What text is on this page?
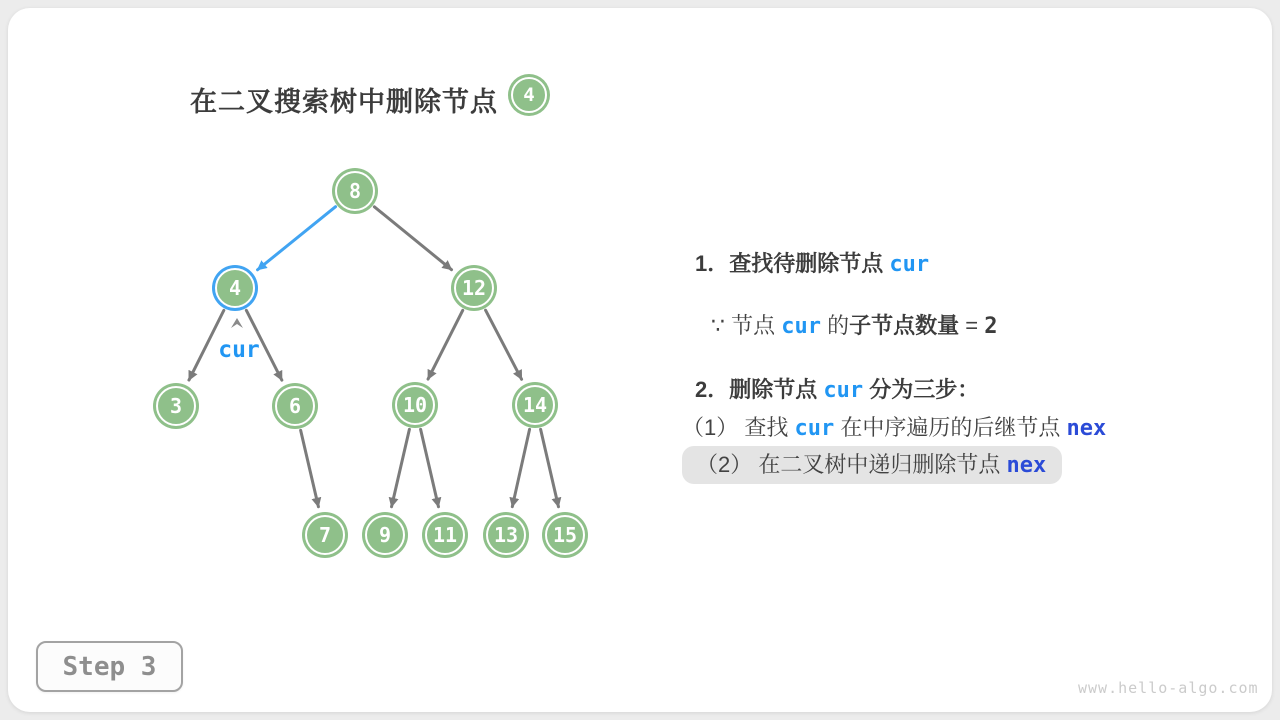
在二叉搜索树中删除节点	4
8
4	12
3	6	10	14
7	9	11	13	15
cur
1．查找待删除节点 cur
∵ 节点 cur 的子节点数量 = 2
2．删除节点 cur 分为三步：
（1） 查找 cur 在中序遍历的后继节点 nex
（2） 在二叉树中递归删除节点 nex
Step 3
www.hello-algo.com
